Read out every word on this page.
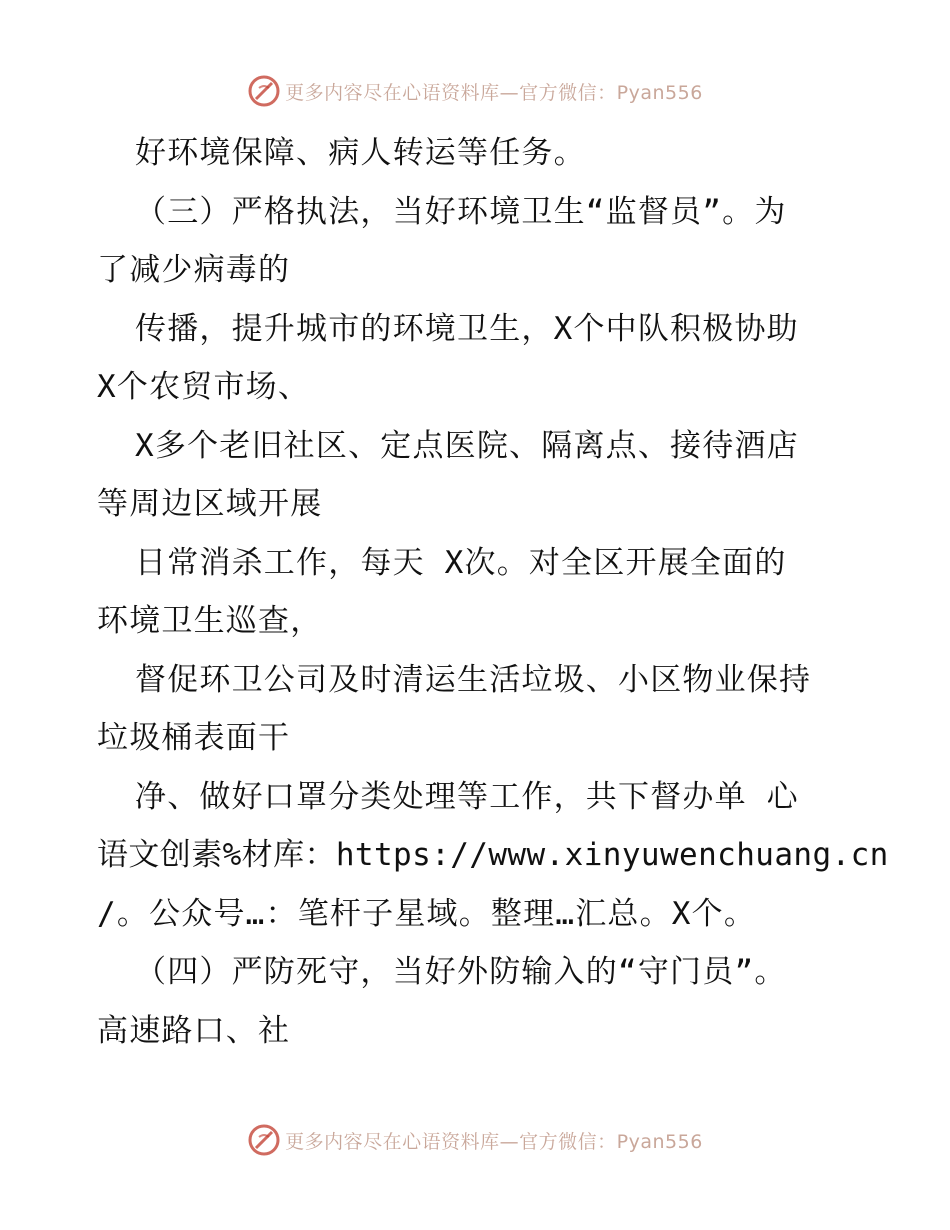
更多内容尽在心语资料库—官方微信：Pyan556
好环境保障、病人转运等任务。
（三）严格执法，当好环境卫生“监督员”。为
了减少病毒的
传播，提升城市的环境卫生，X个中队积极协助
X个农贸市场、
X多个老旧社区、定点医院、隔离点、接待酒店
等周边区域开展
日常消杀工作，每天 X次。对全区开展全面的
环境卫生巡查，
督促环卫公司及时清运生活垃圾、小区物业保持
垃圾桶表面干
净、做好口罩分类处理等工作，共下督办单 心
语文创素%材库：https://www.xinyuwenchuang.cn
/。公众号…：笔杆子星域。整理…汇总。X个。
（四）严防死守，当好外防输入的“守门员”。
高速路口、社
更多内容尽在心语资料库—官方微信：Pyan556
